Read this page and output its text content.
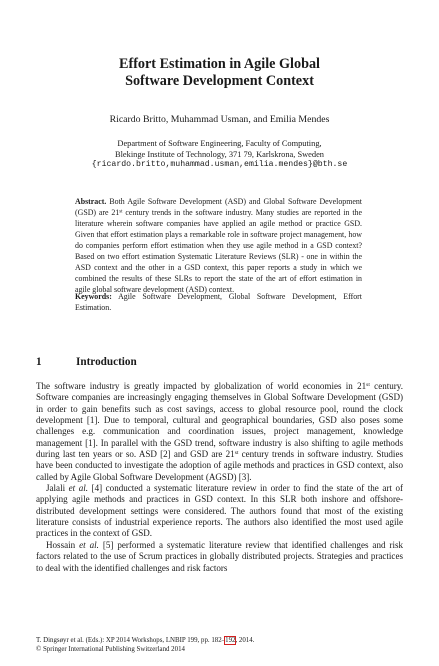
Effort Estimation in Agile Global
Software Development Context
Ricardo Britto, Muhammad Usman, and Emilia Mendes
Department of Software Engineering, Faculty of Computing,
Blekinge Institute of Technology, 371 79, Karlskrona, Sweden
{ricardo.britto,muhammad.usman,emilia.mendes}@bth.se
Abstract. Both Agile Software Development (ASD) and Global Software Development (GSD) are 21st century trends in the software industry. Many studies are reported in the literature wherein software companies have applied an agile method or practice GSD. Given that effort estimation plays a remarkable role in software project management, how do companies perform effort estimation when they use agile method in a GSD context? Based on two effort estimation Systematic Literature Reviews (SLR) - one in within the ASD context and the other in a GSD context, this paper reports a study in which we combined the results of these SLRs to report the state of the art of effort estimation in agile global software development (ASD) context.
Keywords: Agile Software Development, Global Software Development, Effort Estimation.
1	Introduction

The software industry is greatly impacted by globalization of world economies in 21st century. Software companies are increasingly engaging themselves in Global Software Development (GSD) in order to gain benefits such as cost savings, access to global resource pool, round the clock development [1]. Due to temporal, cultural and geographical boundaries, GSD also poses some challenges e.g. communication and coordination issues, project management, knowledge management [1]. In parallel with the GSD trend, software industry is also shifting to agile methods during last ten years or so. ASD [2] and GSD are 21st century trends in software industry. Studies have been conducted to investigate the adoption of agile methods and practices in GSD context, also called by Agile Global Software Development (AGSD) [3].

Jalali et al. [4] conducted a systematic literature review in order to find the state of the art of applying agile methods and practices in GSD context. In this SLR both inshore and offshore-distributed development settings were considered. The authors found that most of the existing literature consists of industrial experience reports. The authors also identified the most used agile practices in the context of GSD.

Hossain et al. [5] performed a systematic literature review that identified challenges and risk factors related to the use of Scrum practices in globally distributed projects. Strategies and practices to deal with the identified challenges and risk factors

T. Dingsøyr et al. (Eds.): XP 2014 Workshops, LNBIP 199, pp. 182–192, 2014.
© Springer International Publishing Switzerland 2014
